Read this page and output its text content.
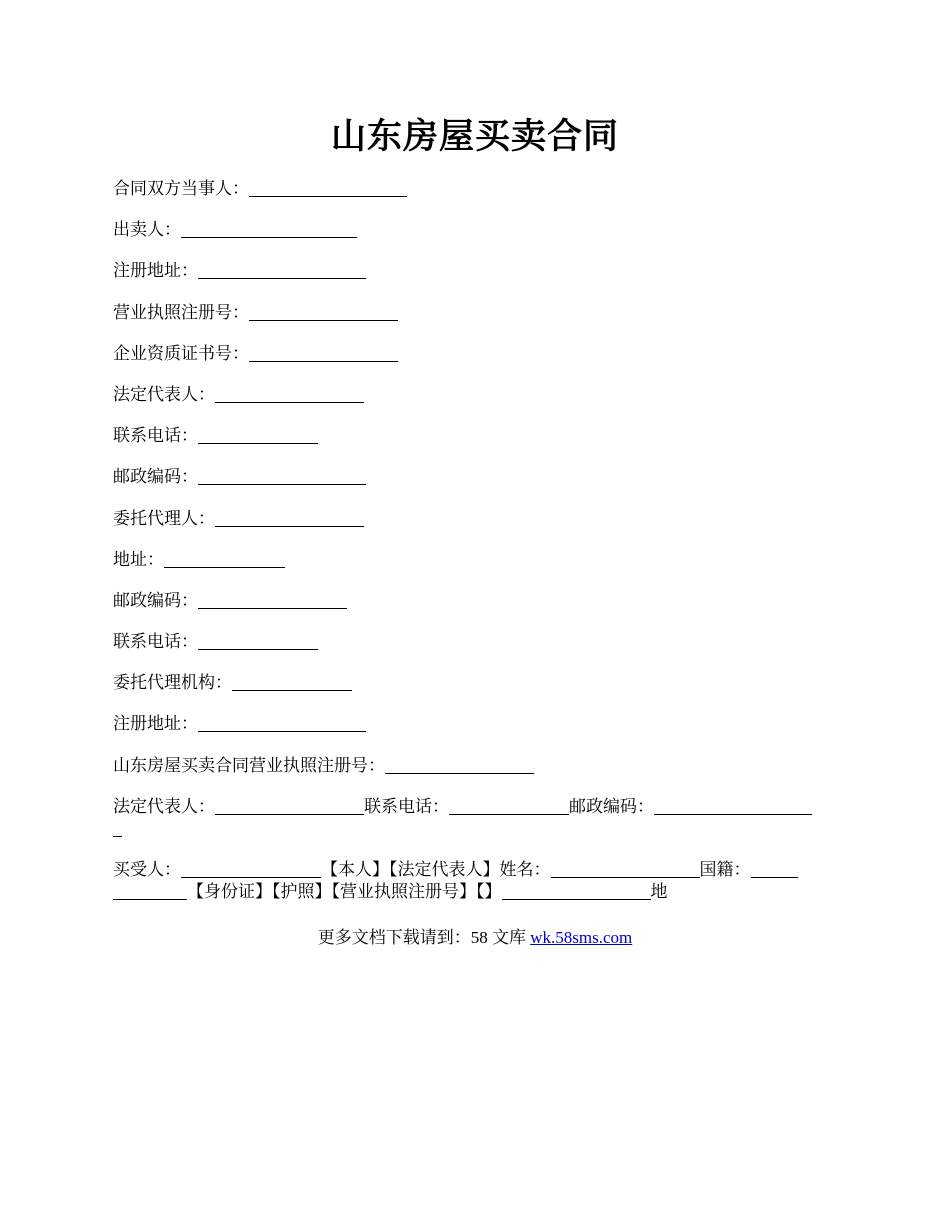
山东房屋买卖合同
合同双方当事人：
出卖人：
注册地址：
营业执照注册号：
企业资质证书号：
法定代表人：
联系电话：
邮政编码：
委托代理人：
地址：
邮政编码：
联系电话：
委托代理机构：
注册地址：
山东房屋买卖合同营业执照注册号：
法定代表人：	联系电话：	邮政编码：

买受人：	【本人】【法定代表人】姓名：	国籍：
【身份证】【护照】【营业执照注册号】【】	地
更多文档下载请到：58 文库 wk.58sms.com
